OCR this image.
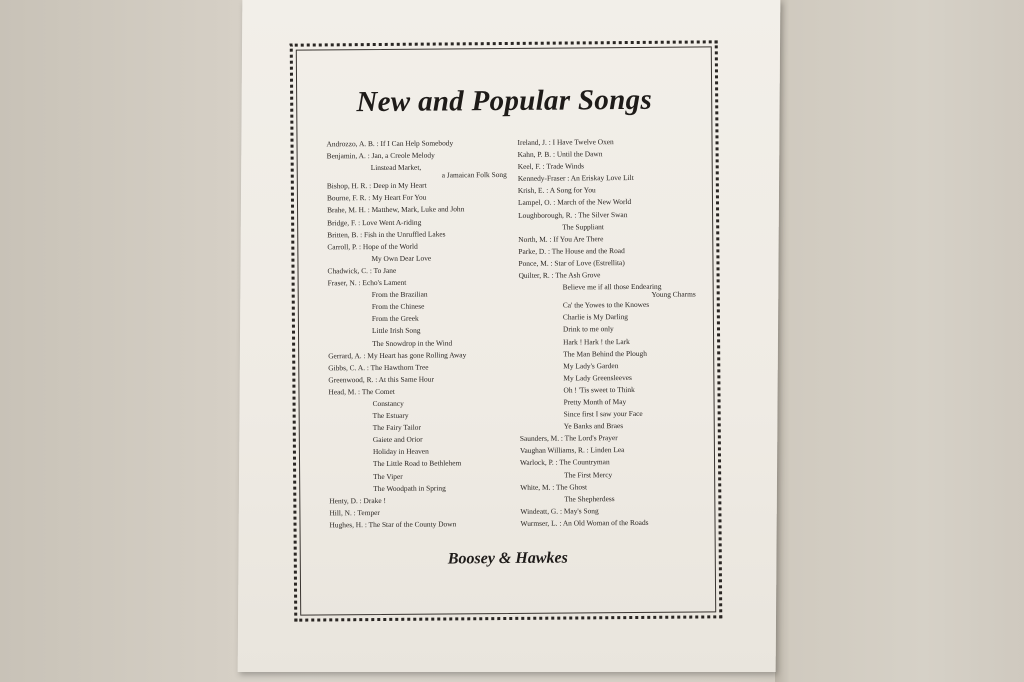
New and Popular Songs
Androzzo, A. B. : If I Can Help Somebody
Benjamin, A. : Jan, a Creole Melody
Linstead Market,
a Jamaican Folk Song
Bishop, H. R. : Deep in My Heart
Bourne, F. R. : My Heart For You
Brahe, M. H. : Matthew, Mark, Luke and John
Bridge, F. : Love Went A-riding
Britten, B. : Fish in the Unruffled Lakes
Carroll, P. : Hope of the World
My Own Dear Love
Chadwick, C. : To Jane
Fraser, N. : Echo's Lament
From the Brazilian
From the Chinese
From the Greek
Little Irish Song
The Snowdrop in the Wind
Gerrard, A. : My Heart has gone Rolling Away
Gibbs, C. A. : The Hawthorn Tree
Greenwood, R. : At this Same Hour
Head, M. : The Comet
Constancy
The Estuary
The Fairy Tailor
Gaiete and Orior
Holiday in Heaven
The Little Road to Bethlehem
The Viper
The Woodpath in Spring
Henty, D. : Drake !
Hill, N. : Temper
Hughes, H. : The Star of the County Down
Ireland, J. : I Have Twelve Oxen
Kahn, P. B. : Until the Dawn
Keel, F. : Trade Winds
Kennedy-Fraser : An Eriskay Love Lilt
Krish, E. : A Song for You
Lampel, O. : March of the New World
Loughborough, R. : The Silver Swan
The Suppliant
North, M. : If You Are There
Parke, D. : The House and the Road
Ponce, M. : Star of Love (Estrellita)
Quilter, R. : The Ash Grove
Believe me if all those Endearing
Young Charms
Ca' the Yowes to the Knowes
Charlie is My Darling
Drink to me only
Hark ! Hark ! the Lark
The Man Behind the Plough
My Lady's Garden
My Lady Greensleeves
Oh ! 'Tis sweet to Think
Pretty Month of May
Since first I saw your Face
Ye Banks and Braes
Saunders, M. : The Lord's Prayer
Vaughan Williams, R. : Linden Lea
Warlock, P. : The Countryman
The First Mercy
White, M. : The Ghost
The Shepherdess
Windeatt, G. : May's Song
Wurmser, L. : An Old Woman of the Roads
Boosey & Hawkes
